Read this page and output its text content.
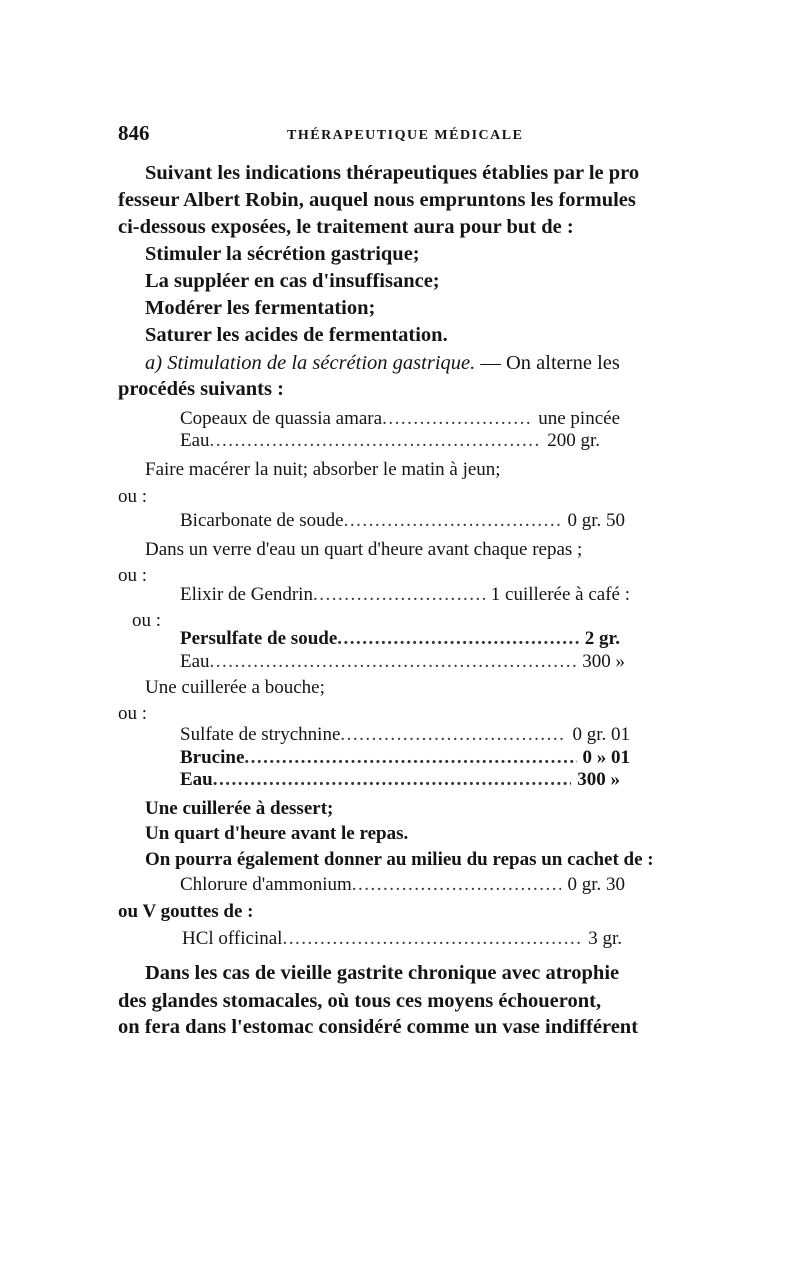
846	THÉRAPEUTIQUE MÉDICALE
Suivant les indications thérapeutiques établies par le pro
fesseur Albert Robin, auquel nous empruntons les formules
ci-dessous exposées, le traitement aura pour but de :
Stimuler la sécrétion gastrique;
La suppléer en cas d'insuffisance;
Modérer les fermentation;
Saturer les acides de fermentation.
a) Stimulation de la sécrétion gastrique. — On alterne les
procédés suivants :
Copeaux de quassia amara .....	une pincée
Eau .....	200 gr.
Faire macérer la nuit; absorber le matin à jeun;
ou :
Bicarbonate de soude .....	0 gr. 50
Dans un verre d'eau un quart d'heure avant chaque repas ;
ou :
Elixir de Gendrin .....	1 cuillerée à café :
ou :
Persulfate de soude .....	2 gr.
Eau .....	300 »
Une cuillerée a bouche;
ou :
Sulfate de strychnine .....	0 gr. 01
Brucine .....	0 » 01
Eau .....	300 »
Une cuillerée à dessert;
Un quart d'heure avant le repas.
On pourra également donner au milieu du repas un cachet de :
Chlorure d'ammonium .....	0 gr. 30
ou V gouttes de :
HCl officinal .....	3 gr.
Dans les cas de vieille gastrite chronique avec atrophie
des glandes stomacales, où tous ces moyens échoueront,
on fera dans l'estomac considéré comme un vase indifférent
